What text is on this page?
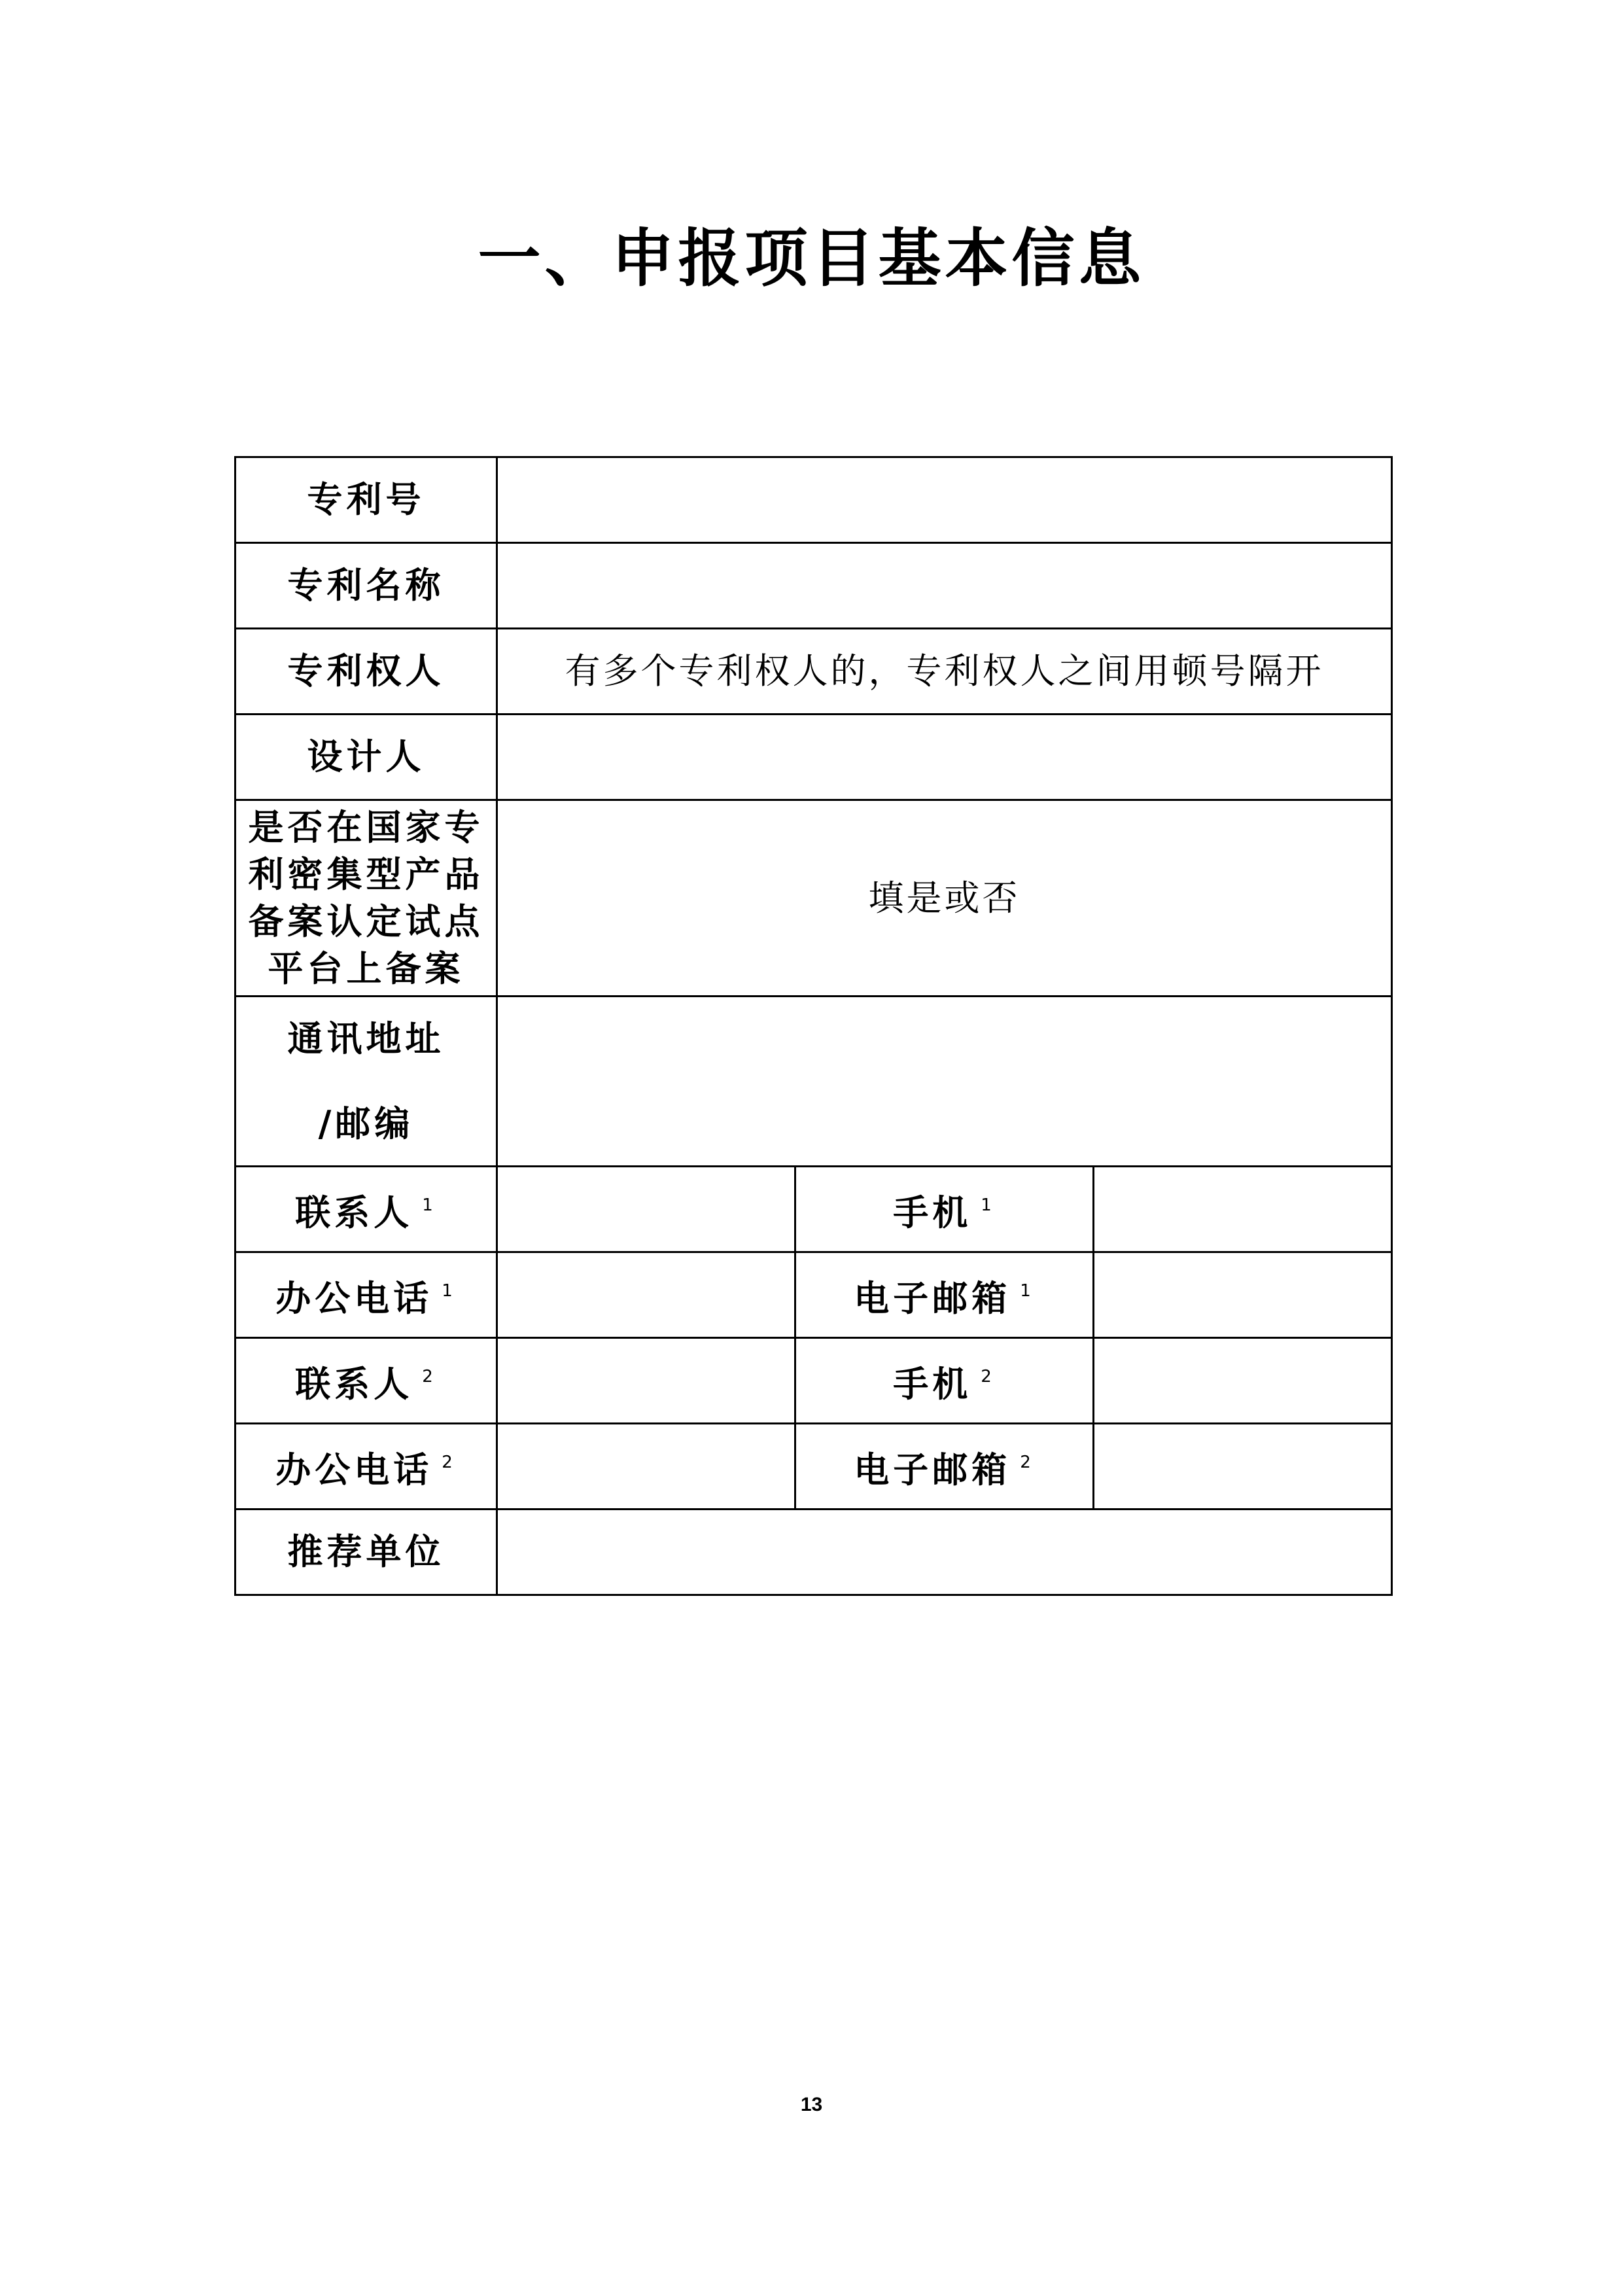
一、申报项目基本信息
专利号			
专利名称			
专利权人	有多个专利权人的，专利权人之间用顿号隔开		
设计人			

是否在国家专
利密集型产品
备案认定试点
平台上备案	填是或否		

通讯地址
/邮编			

联系人 $^1$		手机 $^1$	
办公电话 $^1$		电子邮箱 $^1$	
联系人 $^2$		手机 $^2$	
办公电话 $^2$		电子邮箱 $^2$	
推荐单位			
13
